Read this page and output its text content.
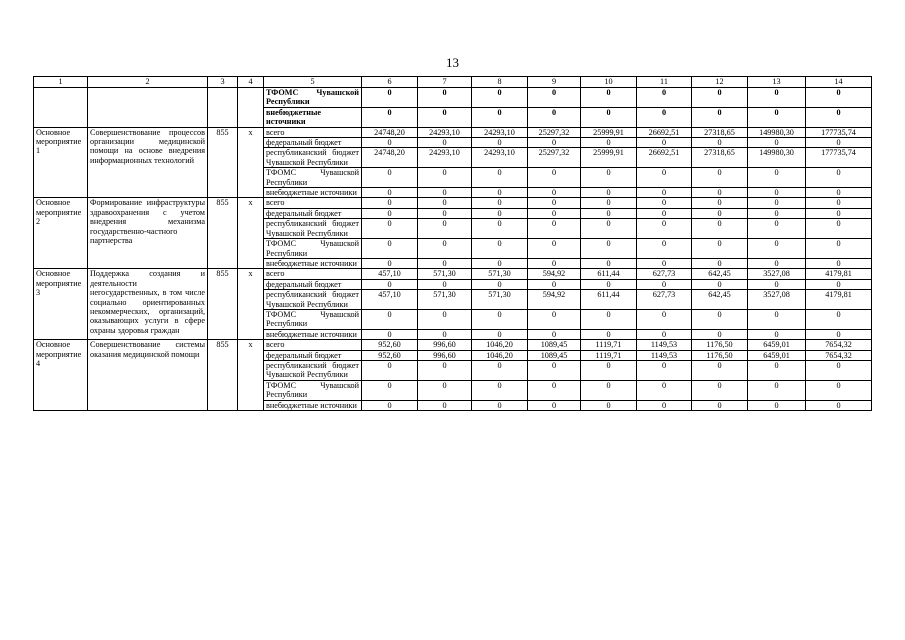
13
1	2	3	4	5	6	7	8	9	10	11	12	13	14
				ТФОМС Чувашской Республики	0	0	0	0	0	0	0	0	0
				внебюджетные источники	0	0	0	0	0	0	0	0	0
Основное мероприятие 1	Совершенствование процессов организации медицинской помощи на основе внедрения информационных технологий	855	х	всего	24748,20	24293,10	24293,10	25297,32	25999,91	26692,51	27318,65	149980,30	177735,74
				федеральный бюджет	0	0	0	0	0	0	0	0	0
				республиканский бюджет Чувашской Республики	24748,20	24293,10	24293,10	25297,32	25999,91	26692,51	27318,65	149980,30	177735,74
				ТФОМС Чувашской Республики	0	0	0	0	0	0	0	0	0
				внебюджетные источники	0	0	0	0	0	0	0	0	0
Основное мероприятие 2	Формирование инфраструктуры здравоохранения с учетом внедрения механизма государственно-частного партнерства	855	х	всего	0	0	0	0	0	0	0	0	0
				федеральный бюджет	0	0	0	0	0	0	0	0	0
				республиканский бюджет Чувашской Республики	0	0	0	0	0	0	0	0	0
				ТФОМС Чувашской Республики	0	0	0	0	0	0	0	0	0
				внебюджетные источники	0	0	0	0	0	0	0	0	0
Основное мероприятие 3	Поддержка создания и деятельности негосударственных, в том числе социально ориентированных некоммерческих, организаций, оказывающих услуги в сфере охраны здоровья граждан	855	х	всего	457,10	571,30	571,30	594,92	611,44	627,73	642,45	3527,08	4179,81
				федеральный бюджет	0	0	0	0	0	0	0	0	0
				республиканский бюджет Чувашской Республики	457,10	571,30	571,30	594,92	611,44	627,73	642,45	3527,08	4179,81
				ТФОМС Чувашской Республики	0	0	0	0	0	0	0	0	0
				внебюджетные источники	0	0	0	0	0	0	0	0	0
Основное мероприятие 4	Совершенствование системы оказания медицинской помощи	855	х	всего	952,60	996,60	1046,20	1089,45	1119,71	1149,53	1176,50	6459,01	7654,32
				федеральный бюджет	952,60	996,60	1046,20	1089,45	1119,71	1149,53	1176,50	6459,01	7654,32
				республиканский бюджет Чувашской Республики	0	0	0	0	0	0	0	0	0
				ТФОМС Чувашской Республики	0	0	0	0	0	0	0	0	0
				внебюджетные источники	0	0	0	0	0	0	0	0	0
